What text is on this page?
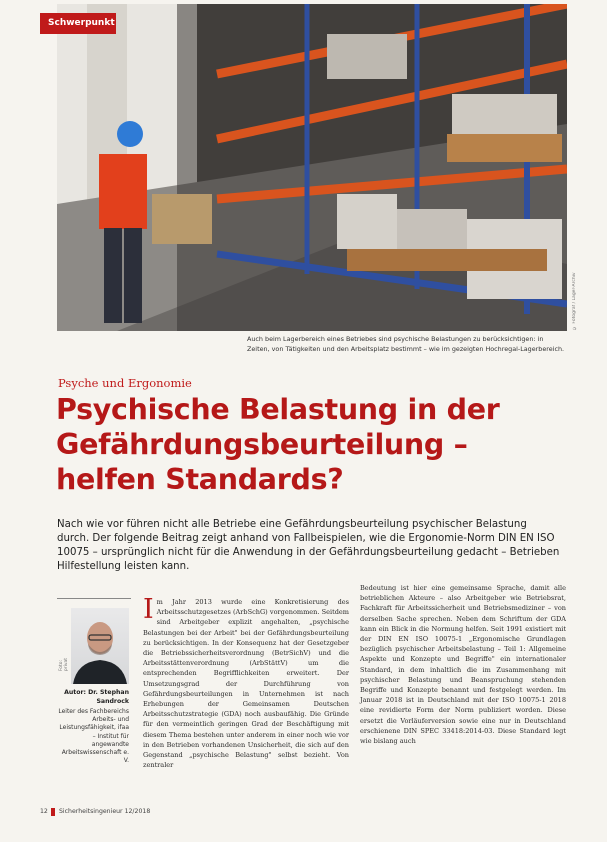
Schwerpunkt
© Fotograf / Lager-Archiv
Auch beim Lagerbereich eines Betriebes sind psychische Belastungen zu berücksichtigen: in Zeiten, von Tätigkeiten und den Arbeitsplatz bestimmt – wie im gezeigten Hochregal-Lagerbereich.
Psyche und Ergonomie
Psychische Belastung in der Gefährdungsbeurteilung – helfen Standards?
Nach wie vor führen nicht alle Betriebe eine Gefährdungsbeurteilung psychischer Belastung durch. Der folgende Beitrag zeigt anhand von Fallbeispielen, wie die Ergonomie-Norm DIN EN ISO 10075 – ursprünglich nicht für die Anwendung in der Gefährdungsbeurteilung gedacht – Betrieben Hilfestellung leisten kann.
Foto: privat
Autor: Dr. Stephan Sandrock
Leiter des Fachbereichs Arbeits- und Leistungsfähigkeit, ifaa – Institut für angewandte Arbeitswissenschaft e. V.

Im Jahr 2013 wurde eine Konkretisierung des Arbeitsschutzgesetzes (ArbSchG) vorgenommen. Seitdem sind Arbeitgeber explizit angehalten, „psychische Belastungen bei der Arbeit" bei der Gefährdungsbeurteilung zu berücksichtigen. In der Konsequenz hat der Gesetzgeber die Betriebssicherheitsverordnung (BetrSichV) und die Arbeitsstättenverordnung (ArbStättV) um die entsprechenden Begrifflichkeiten erweitert. Der Umsetzungsgrad der Durchführung von Gefährdungsbeurteilungen in Unternehmen ist nach Erhebungen der Gemeinsamen Deutschen Arbeitsschutzstrategie (GDA) noch ausbaufähig. Die Gründe für den vermeintlich geringen Grad der Beschäftigung mit diesem Thema bestehen unter anderem in einer noch wie vor in den Betrieben vorhandenen Unsicherheit, die sich auf den Gegenstand „psychische Belastung" selbst bezieht. Von zentraler

Bedeutung ist hier eine gemeinsame Sprache, damit alle betrieblichen Akteure – also Arbeitgeber wie Betriebsrat, Fachkraft für Arbeitssicherheit und Betriebsmediziner – von derselben Sache sprechen. Neben dem Schriftum der GDA kann ein Blick in die Normung helfen. Seit 1991 existiert mit der DIN EN ISO 10075-1 „Ergonomische Grundlagen bezüglich psychischer Arbeitsbelastung – Teil 1: Allgemeine Aspekte und Konzepte und Begriffe" ein internationaler Standard, in dem inhaltlich die im Zusammenhang mit psychischer Belastung und Beanspruchung stehenden Begriffe und Konzepte benannt und festgelegt werden. Im Januar 2018 ist in Deutschland mit der ISO 10075-1 2018 eine revidierte Form der Norm publiziert worden. Diese ersetzt die Vorläuferversion sowie eine nur in Deutschland erschienene DIN SPEC 33418:2014-03. Diese Standard legt wie bislang auch

12 Sicherheitsingenieur 12/2018
